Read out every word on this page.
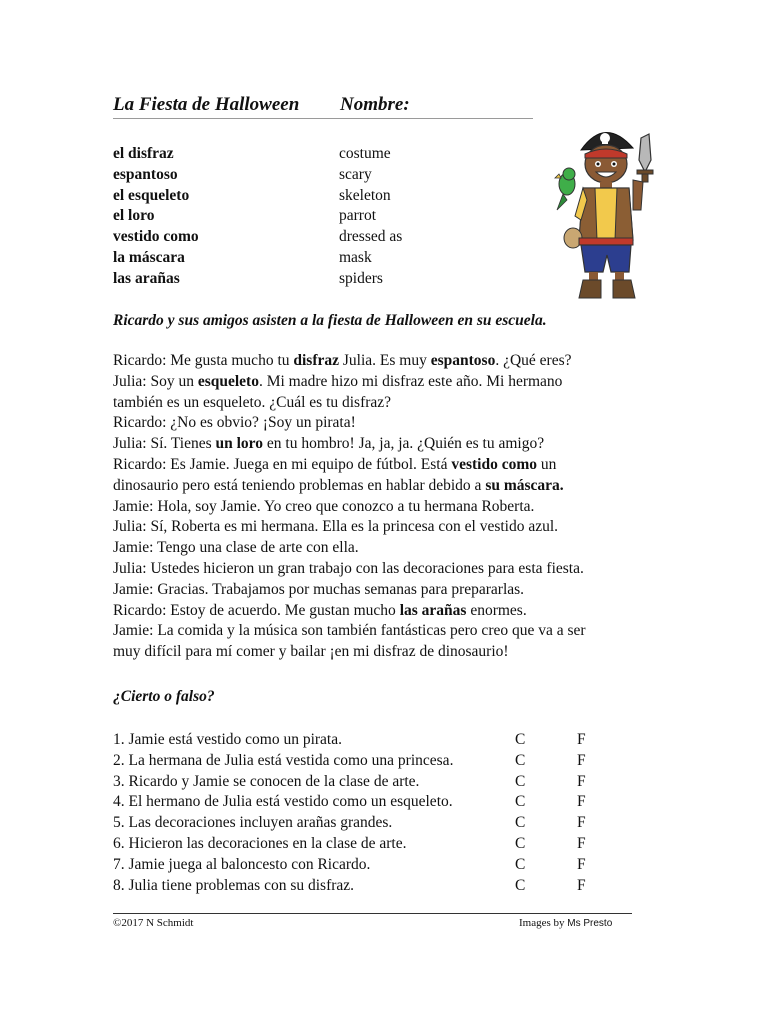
La Fiesta de Halloween Nombre:
el disfraz	costume
espantoso	scary
el esqueleto	skeleton
el loro	parrot
vestido como	dressed as
la máscara	mask
las arañas	spiders
Ricardo y sus amigos asisten a la fiesta de Halloween en su escuela.
Ricardo: Me gusta mucho tu disfraz Julia. Es muy espantoso. ¿Qué eres?
Julia: Soy un esqueleto. Mi madre hizo mi disfraz este año. Mi hermano
también es un esqueleto. ¿Cuál es tu disfraz?
Ricardo: ¿No es obvio? ¡Soy un pirata!
Julia: Sí. Tienes un loro en tu hombro! Ja, ja, ja. ¿Quién es tu amigo?
Ricardo: Es Jamie. Juega en mi equipo de fútbol. Está vestido como un
dinosaurio pero está teniendo problemas en hablar debido a su máscara.
Jamie: Hola, soy Jamie. Yo creo que conozco a tu hermana Roberta.
Julia: Sí, Roberta es mi hermana. Ella es la princesa con el vestido azul.
Jamie: Tengo una clase de arte con ella.
Julia: Ustedes hicieron un gran trabajo con las decoraciones para esta fiesta.
Jamie: Gracias. Trabajamos por muchas semanas para prepararlas.
Ricardo: Estoy de acuerdo. Me gustan mucho las arañas enormes.
Jamie: La comida y la música son también fantásticas pero creo que va a ser
muy difícil para mí comer y bailar ¡en mi disfraz de dinosaurio!
¿Cierto o falso?
1. Jamie está vestido como un pirata.	C	F
2. La hermana de Julia está vestida como una princesa.	C	F
3. Ricardo y Jamie se conocen de la clase de arte.	C	F
4. El hermano de Julia está vestido como un esqueleto.	C	F
5. Las decoraciones incluyen arañas grandes.	C	F
6. Hicieron las decoraciones en la clase de arte.	C	F
7. Jamie juega al baloncesto con Ricardo.	C	F
8. Julia tiene problemas con su disfraz.	C	F
©2017 N Schmidt	Images by Ms Presto
